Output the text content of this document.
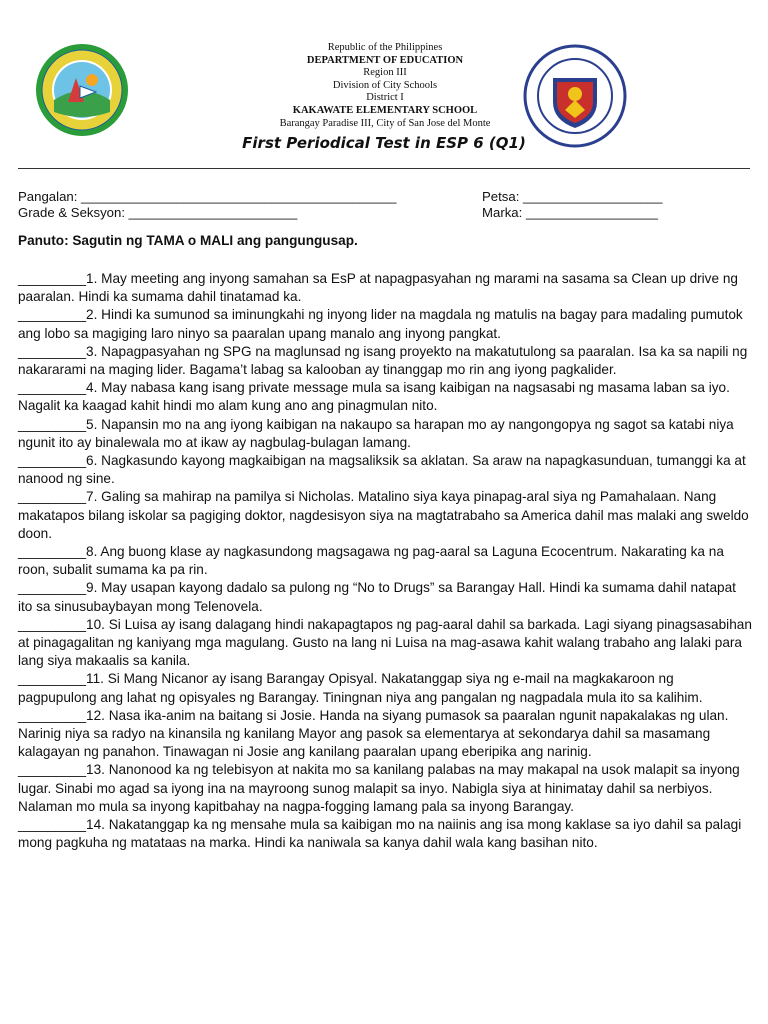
Republic of the Philippines
DEPARTMENT OF EDUCATION
Region III
Division of City Schools
District I
KAKAWATE ELEMENTARY SCHOOL
Barangay Paradise III, City of San Jose del Monte
First Periodical Test in ESP 6 (Q1)
Pangalan: ___________________________________________
Grade & Seksyon: _______________________
Petsa: ___________________
Marka: __________________
Panuto: Sagutin ng TAMA o MALI ang pangungusap.

_________1. May meeting ang inyong samahan sa EsP at napagpasyahan ng marami na sasama sa Clean up drive ng paaralan. Hindi ka sumama dahil tinatamad ka.

_________2. Hindi ka sumunod sa iminungkahi ng inyong lider na magdala ng matulis na bagay para madaling pumutok ang lobo sa magiging laro ninyo sa paaralan upang manalo ang inyong pangkat.

_________3. Napagpasyahan ng SPG na maglunsad ng isang proyekto na makatutulong sa paaralan. Isa ka sa napili ng nakararami na maging lider. Bagama’t labag sa kalooban ay tinanggap mo rin ang iyong pagkalider.

_________4. May nabasa kang isang private message mula sa isang kaibigan na nagsasabi ng masama laban sa iyo. Nagalit ka kaagad kahit hindi mo alam kung ano ang pinagmulan nito.

_________5. Napansin mo na ang iyong kaibigan na nakaupo sa harapan mo ay nangongopya ng sagot sa katabi niya ngunit ito ay binalewala mo at ikaw ay nagbulag-bulagan lamang.

_________6. Nagkasundo kayong magkaibigan na magsaliksik sa aklatan. Sa araw na napagkasunduan, tumanggi ka at nanood ng sine.

_________7. Galing sa mahirap na pamilya si Nicholas. Matalino siya kaya pinapag-aral siya ng Pamahalaan. Nang makatapos bilang iskolar sa pagiging doktor, nagdesisyon siya na magtatrabaho sa America dahil mas malaki ang sweldo doon.

_________8. Ang buong klase ay nagkasundong magsagawa ng pag-aaral sa Laguna Ecocentrum. Nakarating ka na roon, subalit sumama ka pa rin.

_________9. May usapan kayong dadalo sa pulong ng “No to Drugs” sa Barangay Hall. Hindi ka sumama dahil natapat ito sa sinusubaybayan mong Telenovela.

_________10. Si Luisa ay isang dalagang hindi nakapagtapos ng pag-aaral dahil sa barkada. Lagi siyang pinagsasabihan at pinagagalitan ng kaniyang mga magulang. Gusto na lang ni Luisa na mag-asawa kahit walang trabaho ang lalaki para lang siya makaalis sa kanila.

_________11. Si Mang Nicanor ay isang Barangay Opisyal. Nakatanggap siya ng e-mail na magkakaroon ng pagpupulong ang lahat ng opisyales ng Barangay. Tiningnan niya ang pangalan ng nagpadala mula ito sa kalihim.

_________12. Nasa ika-anim na baitang si Josie. Handa na siyang pumasok sa paaralan ngunit napakalakas ng ulan. Narinig niya sa radyo na kinansila ng kanilang Mayor ang pasok sa elementarya at sekondarya dahil sa masamang kalagayan ng panahon. Tinawagan ni Josie ang kanilang paaralan upang eberipika ang narinig.

_________13. Nanonood ka ng telebisyon at nakita mo sa kanilang palabas na may makapal na usok malapit sa inyong lugar. Sinabi mo agad sa iyong ina na mayroong sunog malapit sa inyo. Nabigla siya at hinimatay dahil sa nerbiyos. Nalaman mo mula sa inyong kapitbahay na nagpa-fogging lamang pala sa inyong Barangay.

_________14. Nakatanggap ka ng mensahe mula sa kaibigan mo na naiinis ang isa mong kaklase sa iyo dahil sa palagi mong pagkuha ng matataas na marka. Hindi ka naniwala sa kanya dahil wala kang basihan nito.
